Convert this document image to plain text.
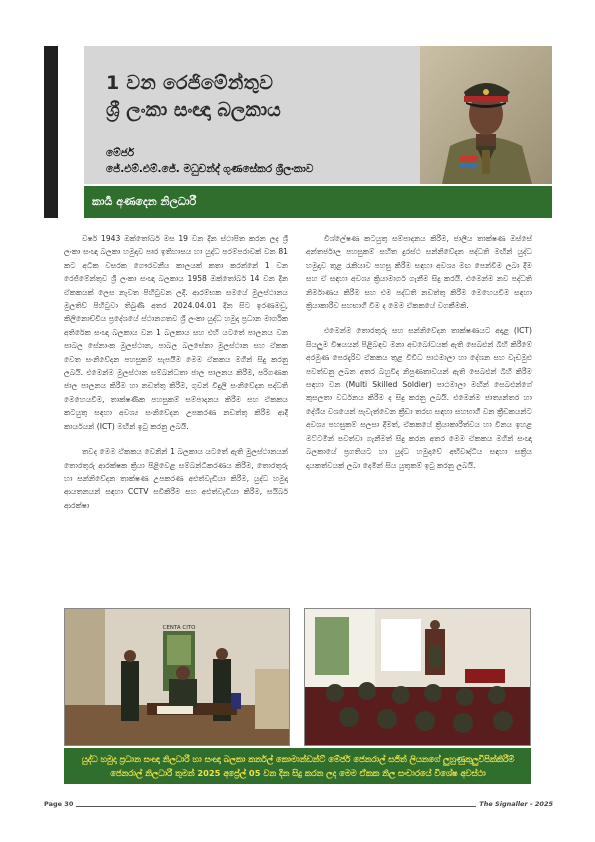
1 වන රෙජිමේන්තුව
ශ්‍රී ලංකා සංඥා බලකාය
මේජර්
ජේ.එම්.එම්.ජේ. මධුචන්ද් ගුණසේකර ශ්‍රීලංකාව
කාර්‍ය අණදෙන නිලධාරී

වර්ෂ 1943 ඔක්තෝබර් මස 19 වන දින ස්ථාපිත කරන ලද ශ්‍රී ලංකා සංඥා බලකා හමුදාව පෘර ඉතිහාසය හා යුද්ධ පරම්පරාවක් වන 81 කට අධික වසරක ගෞරවනීය කාලයක් කතා කරන්නේ 1 වන රෙජිමේන්තුව ශ්‍රී ලංකා සංඥා බලකාය 1958 ඔක්තෝබර් 14 වන දින ඒකකයක් ලෙස නැවත පිහිටුවන ලදී. ආරම්භක සමයේ මුලස්ථානය මුලතිව් පිහිටුවා තිබුණි අතර 2024.04.01 දින සිට ඉරණමඩු, කිලිනොච්චිය ප්‍රදේශයේ ස්ථානගතව ශ්‍රී ලංකා යුද්ධ හමුදා ප්‍රධාන මාර්ගික අතිරේක සංඥා බලකාය වන 1 බලකාය සහ එහි යටතේ පාලනය වන පාබල සේනාංක මුලස්ථාන, පාබල බලසේනා මුලස්ථාන සහ ඒකක වෙත සංනිවේදන පහසුකම් සැපයීම මෙම ඒකකය මගින් සිදු කරනු ලබයි. එමෙන්ම මුලස්ථාන සම්බන්ධතා ජාල පාලනය කිරීම, පරිගණක ජාල පාලනය කිරීම හා නඩත්තු කිරීම, ගුවන් විදුලි සංනිවේදන පද්ධති මෙහෙයවීම, තාක්ෂණික පහසුකම් සම්පාදනය කිරීම සහ ඒකකය කටයුතු සඳහා අවශ්‍ය සංනිවේදන උපකරණ නඩත්තු කිරීම ආදී කාර්යයන් (ICT) මඟින් ඉටු කරනු ලබයි.

තවද මෙම ඒකකය වෙනින් 1 බලකාය යටතේ ඇති මුලස්ථානයන් තොරතුරු ආරක්ෂක ක්‍රියා පිළිවෙළ සම්බන්ධීකරණය කිරීම, තොරතුරු හා සන්නිවේදන තාක්ෂණ උපකරණ අළුත්වැඩියා කිරීම, යුද්ධ හමුදා ආයතනයන් සඳහා CCTV සවිකිරීම සහ අළුත්වැඩියා කිරීම, සයිබර් ආරක්ෂා

විශ්ලේෂණ කටයුතු සම්පාදනය කිරීම, ජාලීය තාක්ෂණ ඔස්සේ අන්තර්ජාල පහසුකම් සහිත දුරස්ථ සන්නිවේදන පද්ධති මඟින් යුද්ධ හමුදාව තුළ රැකියාව පහසු කිරීම සඳහා අවශ්‍ය මඟ පෙන්වීම ලබා දීම සහ ඒ සඳහා අවශ්‍ය ක්‍රියාමාර්ග ගැනීම සිදු කරයි. එමෙන්ම නව පද්ධති නිර්මාණය කිරීම සහ එම පද්ධති නඩත්තු කිරීම මෙහෙයවීම සඳහා ක්‍රියාකාරීව සහභාගී වීම ද මෙම ඒකකයේ වගකීමකි.

එමෙන්ම තොරතුරු සහ සන්නිවේදන තාක්ෂණයට අදාළ (ICT) සියලුම විෂයයන් පිළිබඳව මනා අවබෝධයක් ඇති සෙබළුන් බිහි කිරීමේ අරමුණ පෙරදැරිව ඒකකය තුළ විවිධ පාඨමාලා හා දේශන සහ වැඩමුළු පවත්වනු ලබන අතර බහුවිද නිපුණතාවයන් ඇති සෙබළුන් බිහි කිරීම සඳහා වන (Multi Skilled Soldier) පාඨමාලා මඟින් සෙබළුන්ගේ කුසලතා වර්ධනය කිරීම ද සිදු කරනු ලබයි. එමෙන්ම ජාත්‍යන්තර හා දේශීය වශයෙන් පැවැත්වෙන ක්‍රීඩා තරඟ සඳහා සහභාගී වන ක්‍රීඩකයන්ට අවශ්‍ය පහසුකම් සලසා දීමත්, ඒකකයේ ක්‍රියාකාරීත්වය හා විනය ඉහළ මට්ටමින් පවත්වා ගැනීමත් සිදු කරන අතර මෙම ඒකකය මගින් සංඥා බලකායේ ප්‍රගතියට හා යුද්ධ හමුදාවේ අභිවෘද්ධිය සඳහා සක්‍රිය දායකත්වයක් ලබා දෙමින් සිය යුතුකම් ඉටු කරනු ලබයි.

CENTA CITO
යුද්ධ හමුදා ප්‍රධාන සංඥා නිලධාරී හා සංඥා බලකා කර්නල් කොමාන්ඩන්ට් මේජර් ජෙනරාල් සජිත් ලියනගේ ලුහුණුකුලුවිපික්කිරීම් ජෙනරාල් නිලධාරී තුමන් 2025 අප්‍රේල් 05 වන දින සිදු කරන ලද මෙම ඒකක නිල සංචාරයේ විශේෂ අවස්ථා
Page 30	The Signaller - 2025
